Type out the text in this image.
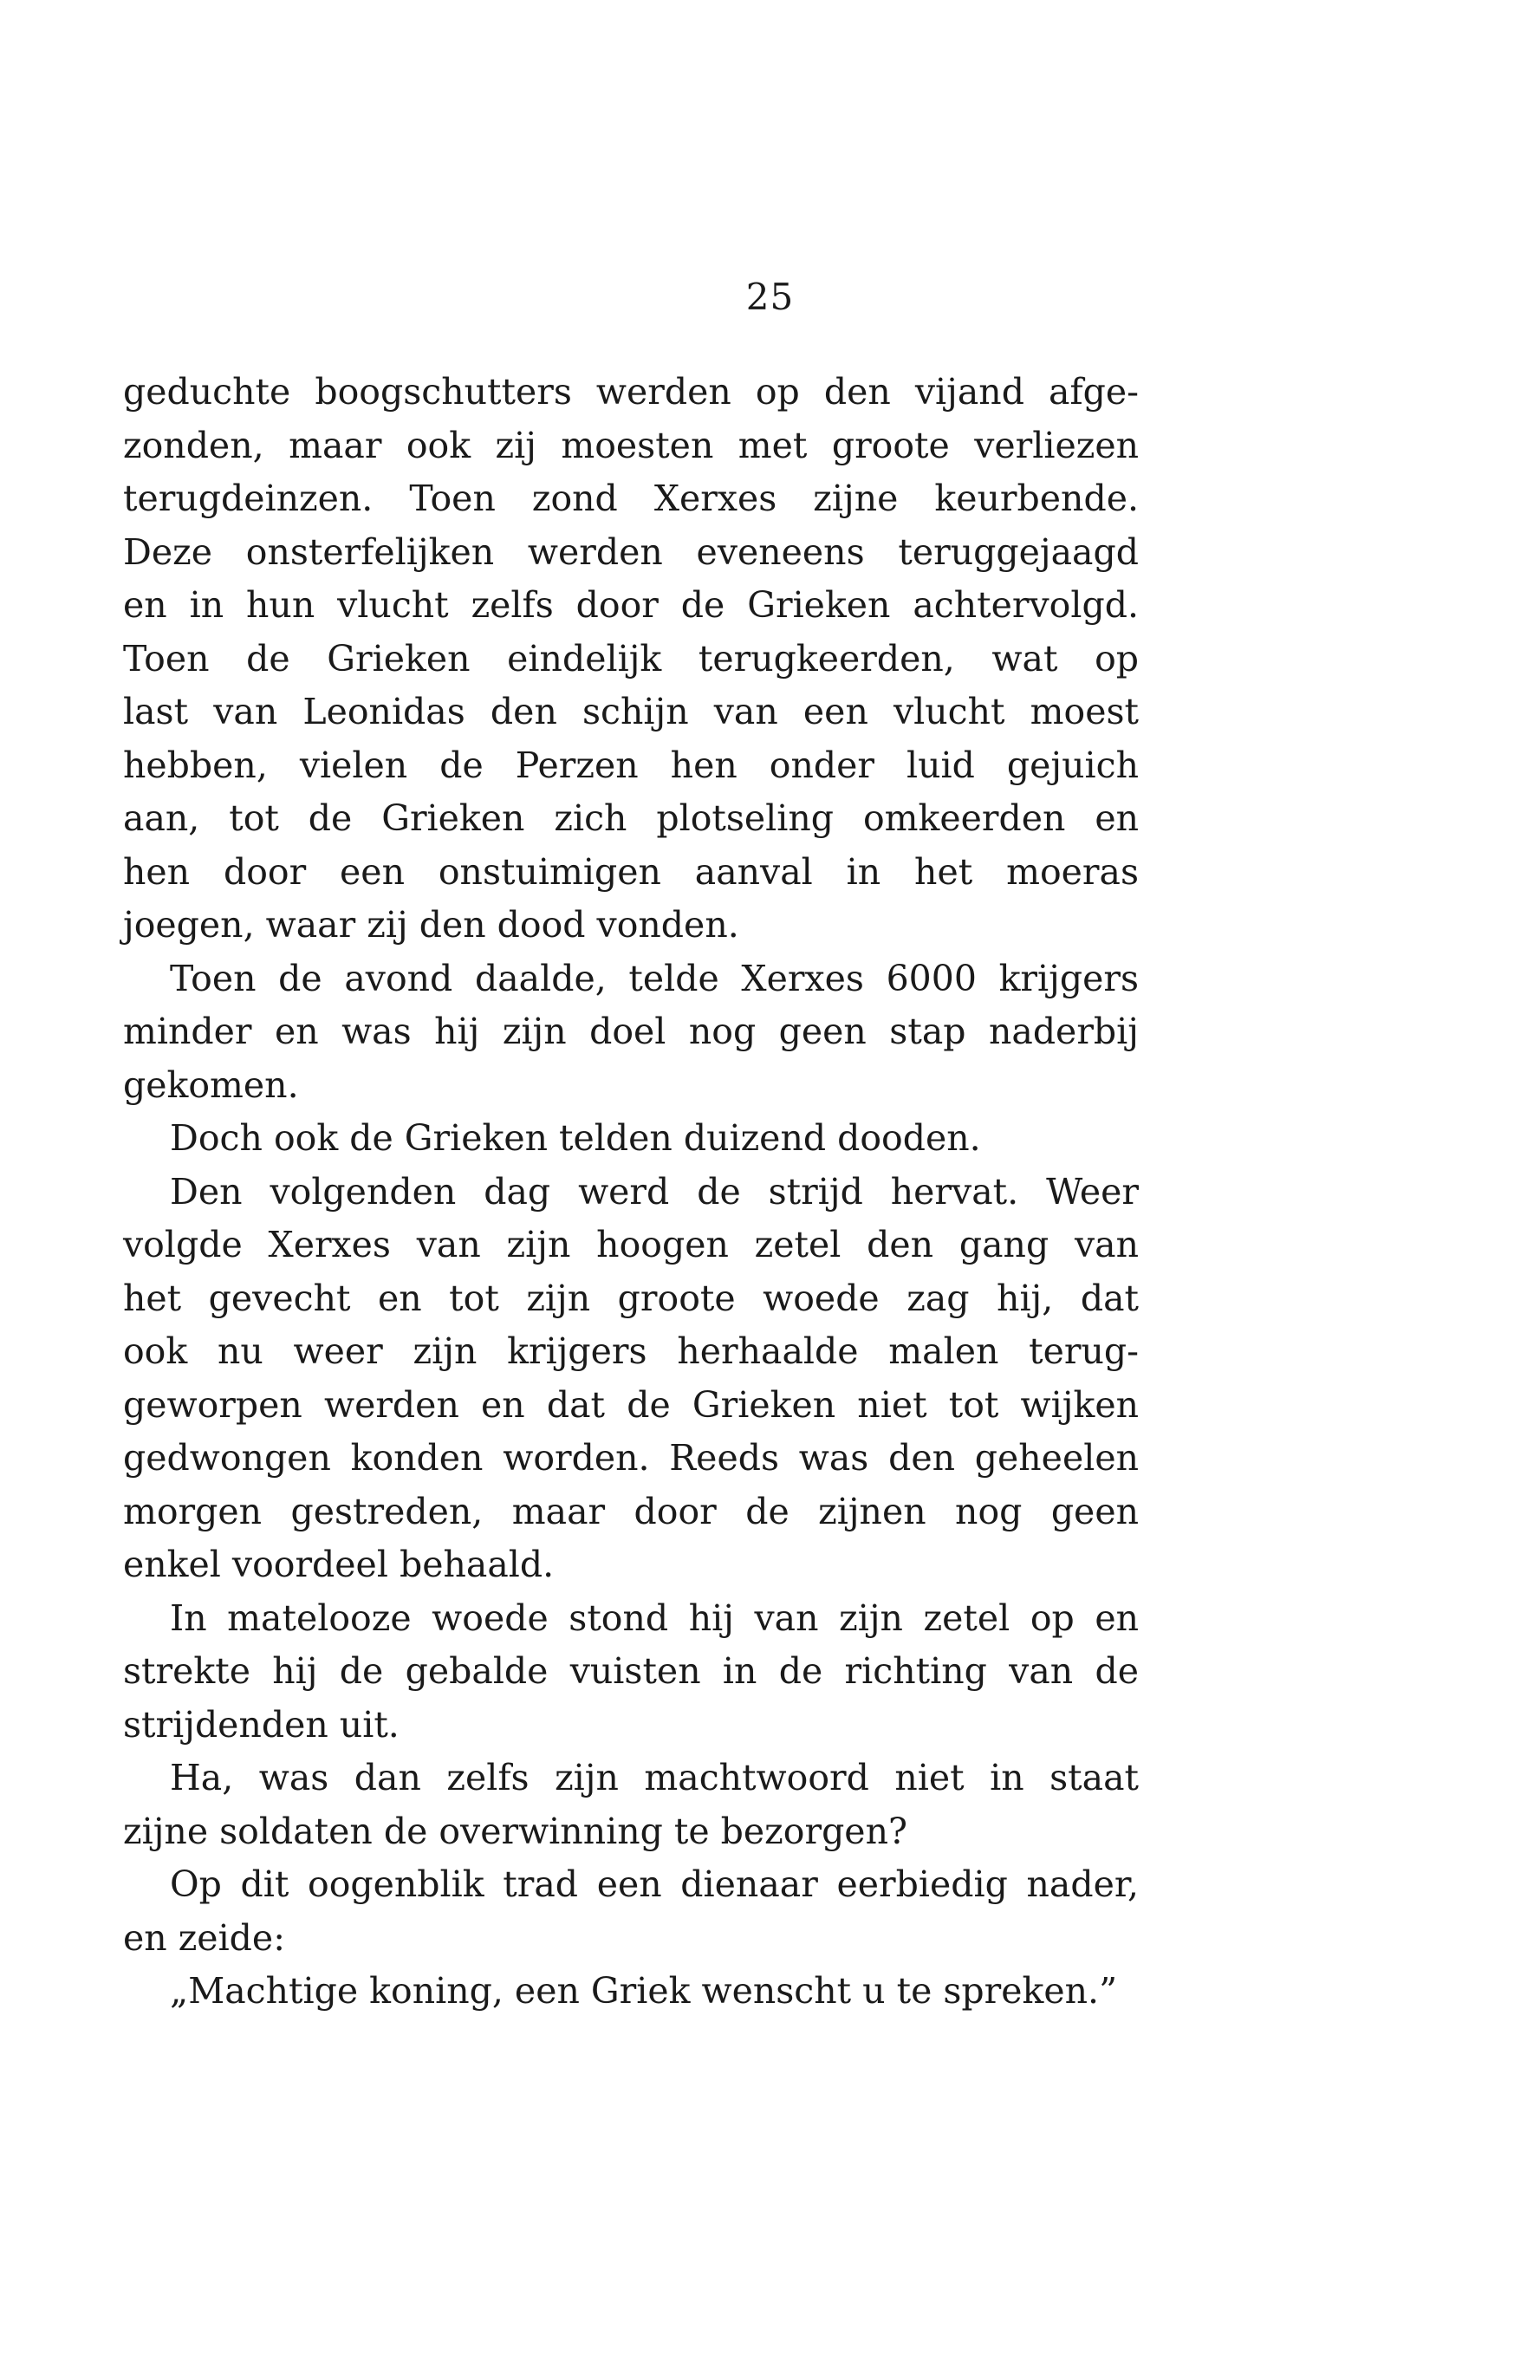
25
geduchte boogschutters werden op den vijand afge-
zonden, maar ook zij moesten met groote verliezen
terugdeinzen. Toen zond Xerxes zijne keurbende.
Deze onsterfelijken werden eveneens teruggejaagd
en in hun vlucht zelfs door de Grieken achtervolgd.
Toen de Grieken eindelijk terugkeerden, wat op
last van Leonidas den schijn van een vlucht moest
hebben, vielen de Perzen hen onder luid gejuich
aan, tot de Grieken zich plotseling omkeerden en
hen door een onstuimigen aanval in het moeras
joegen, waar zij den dood vonden.
Toen de avond daalde, telde Xerxes 6000 krijgers
minder en was hij zijn doel nog geen stap naderbij
gekomen.
Doch ook de Grieken telden duizend dooden.
Den volgenden dag werd de strijd hervat. Weer
volgde Xerxes van zijn hoogen zetel den gang van
het gevecht en tot zijn groote woede zag hij, dat
ook nu weer zijn krijgers herhaalde malen terug-
geworpen werden en dat de Grieken niet tot wijken
gedwongen konden worden. Reeds was den geheelen
morgen gestreden, maar door de zijnen nog geen
enkel voordeel behaald.
In matelooze woede stond hij van zijn zetel op en
strekte hij de gebalde vuisten in de richting van de
strijdenden uit.
Ha, was dan zelfs zijn machtwoord niet in staat
zijne soldaten de overwinning te bezorgen?
Op dit oogenblik trad een dienaar eerbiedig nader,
en zeide:
„Machtige koning, een Griek wenscht u te spreken.”
